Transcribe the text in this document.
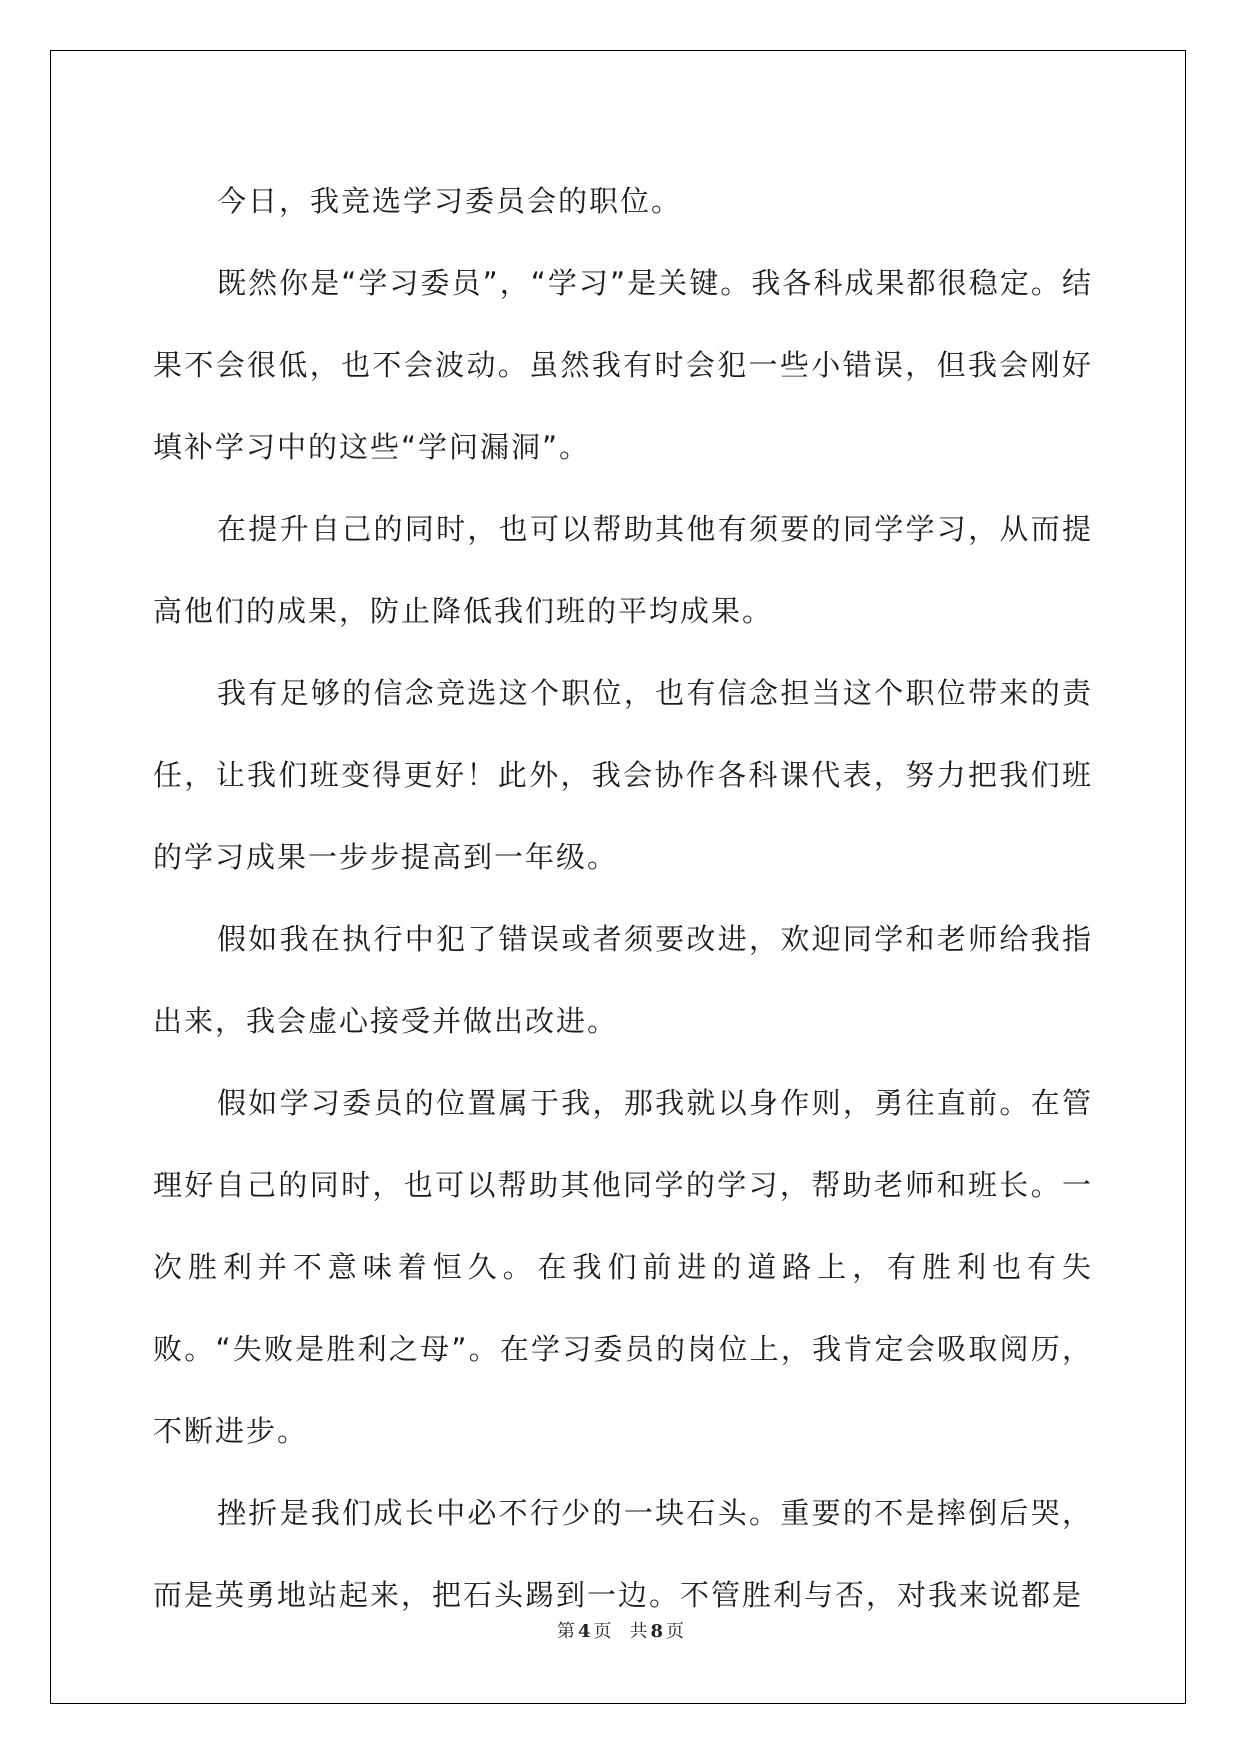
今日，我竞选学习委员会的职位。

既然你是“学习委员”，“学习”是关键。我各科成果都很稳定。结果不会很低，也不会波动。虽然我有时会犯一些小错误，但我会刚好填补学习中的这些“学问漏洞”。

在提升自己的同时，也可以帮助其他有须要的同学学习，从而提高他们的成果，防止降低我们班的平均成果。

我有足够的信念竞选这个职位，也有信念担当这个职位带来的责任，让我们班变得更好！此外，我会协作各科课代表，努力把我们班的学习成果一步步提高到一年级。

假如我在执行中犯了错误或者须要改进，欢迎同学和老师给我指出来，我会虚心接受并做出改进。

假如学习委员的位置属于我，那我就以身作则，勇往直前。在管理好自己的同时，也可以帮助其他同学的学习，帮助老师和班长。一次胜利并不意味着恒久。在我们前进的道路上，有胜利也有失败。“失败是胜利之母”。在学习委员的岗位上，我肯定会吸取阅历，不断进步。

挫折是我们成长中必不行少的一块石头。重要的不是摔倒后哭，而是英勇地站起来，把石头踢到一边。不管胜利与否，对我来说都是

第 4 页 共 8 页
